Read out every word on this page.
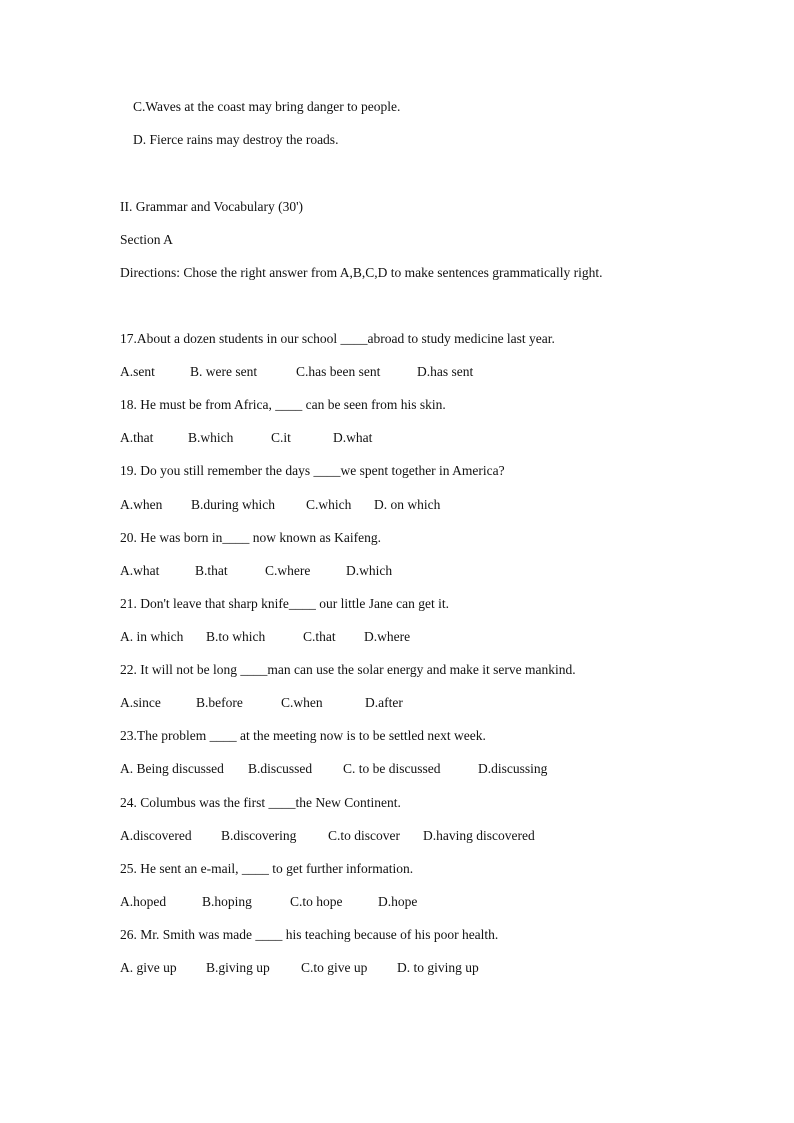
C.Waves at the coast may bring danger to people.
D. Fierce rains may destroy the roads.
II. Grammar and Vocabulary (30')
Section A
Directions: Chose the right answer from A,B,C,D to make sentences grammatically right.
17.About a dozen students in our school ____abroad to study medicine last year.
A.sent	B. were sent	C.has been sent	D.has sent
18. He must be from Africa, ____ can be seen from his skin.
A.that	B.which	C.it	D.what
19. Do you still remember the days ____we spent together in America?
A.when B.during which C.which D. on which
20. He was born in____ now known as Kaifeng.
A.what	B.that	C.where	D.which
21. Don't leave that sharp knife____ our little Jane can get it.
A. in which B.to which	C.that D.where
22. It will not be long ____man can use the solar energy and make it serve mankind.
A.since	B.before	C.when	D.after
23.The problem ____ at the meeting now is to be settled next week.
A. Being discussed B.discussed C. to be discussed	D.discussing
24. Columbus was the first ____the New Continent.
A.discovered B.discovering C.to discover D.having discovered
25. He sent an e-mail, ____ to get further information.
A.hoped	B.hoping	C.to hope	D.hope
26. Mr. Smith was made ____ his teaching because of his poor health.
A. give up B.giving up C.to give up D. to giving up
